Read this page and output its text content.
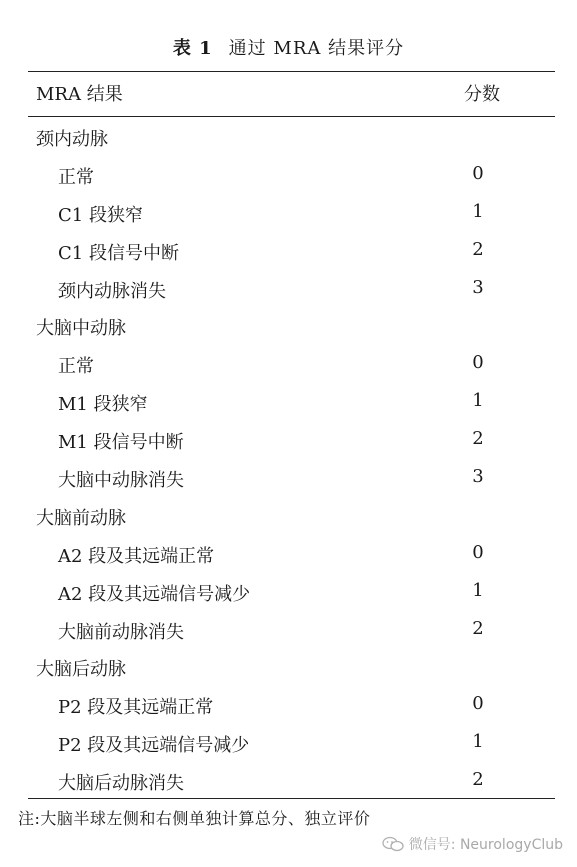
表 1 通过 MRA 结果评分
MRA 结果	分数
颈内动脉
正常	0
C1 段狭窄	1
C1 段信号中断	2
颈内动脉消失	3
大脑中动脉
正常	0
M1 段狭窄	1
M1 段信号中断	2
大脑中动脉消失	3
大脑前动脉
A2 段及其远端正常	0
A2 段及其远端信号减少	1
大脑前动脉消失	2
大脑后动脉
P2 段及其远端正常	0
P2 段及其远端信号减少	1
大脑后动脉消失	2
注:大脑半球左侧和右侧单独计算总分、独立评价
微信号: NeurologyClub
